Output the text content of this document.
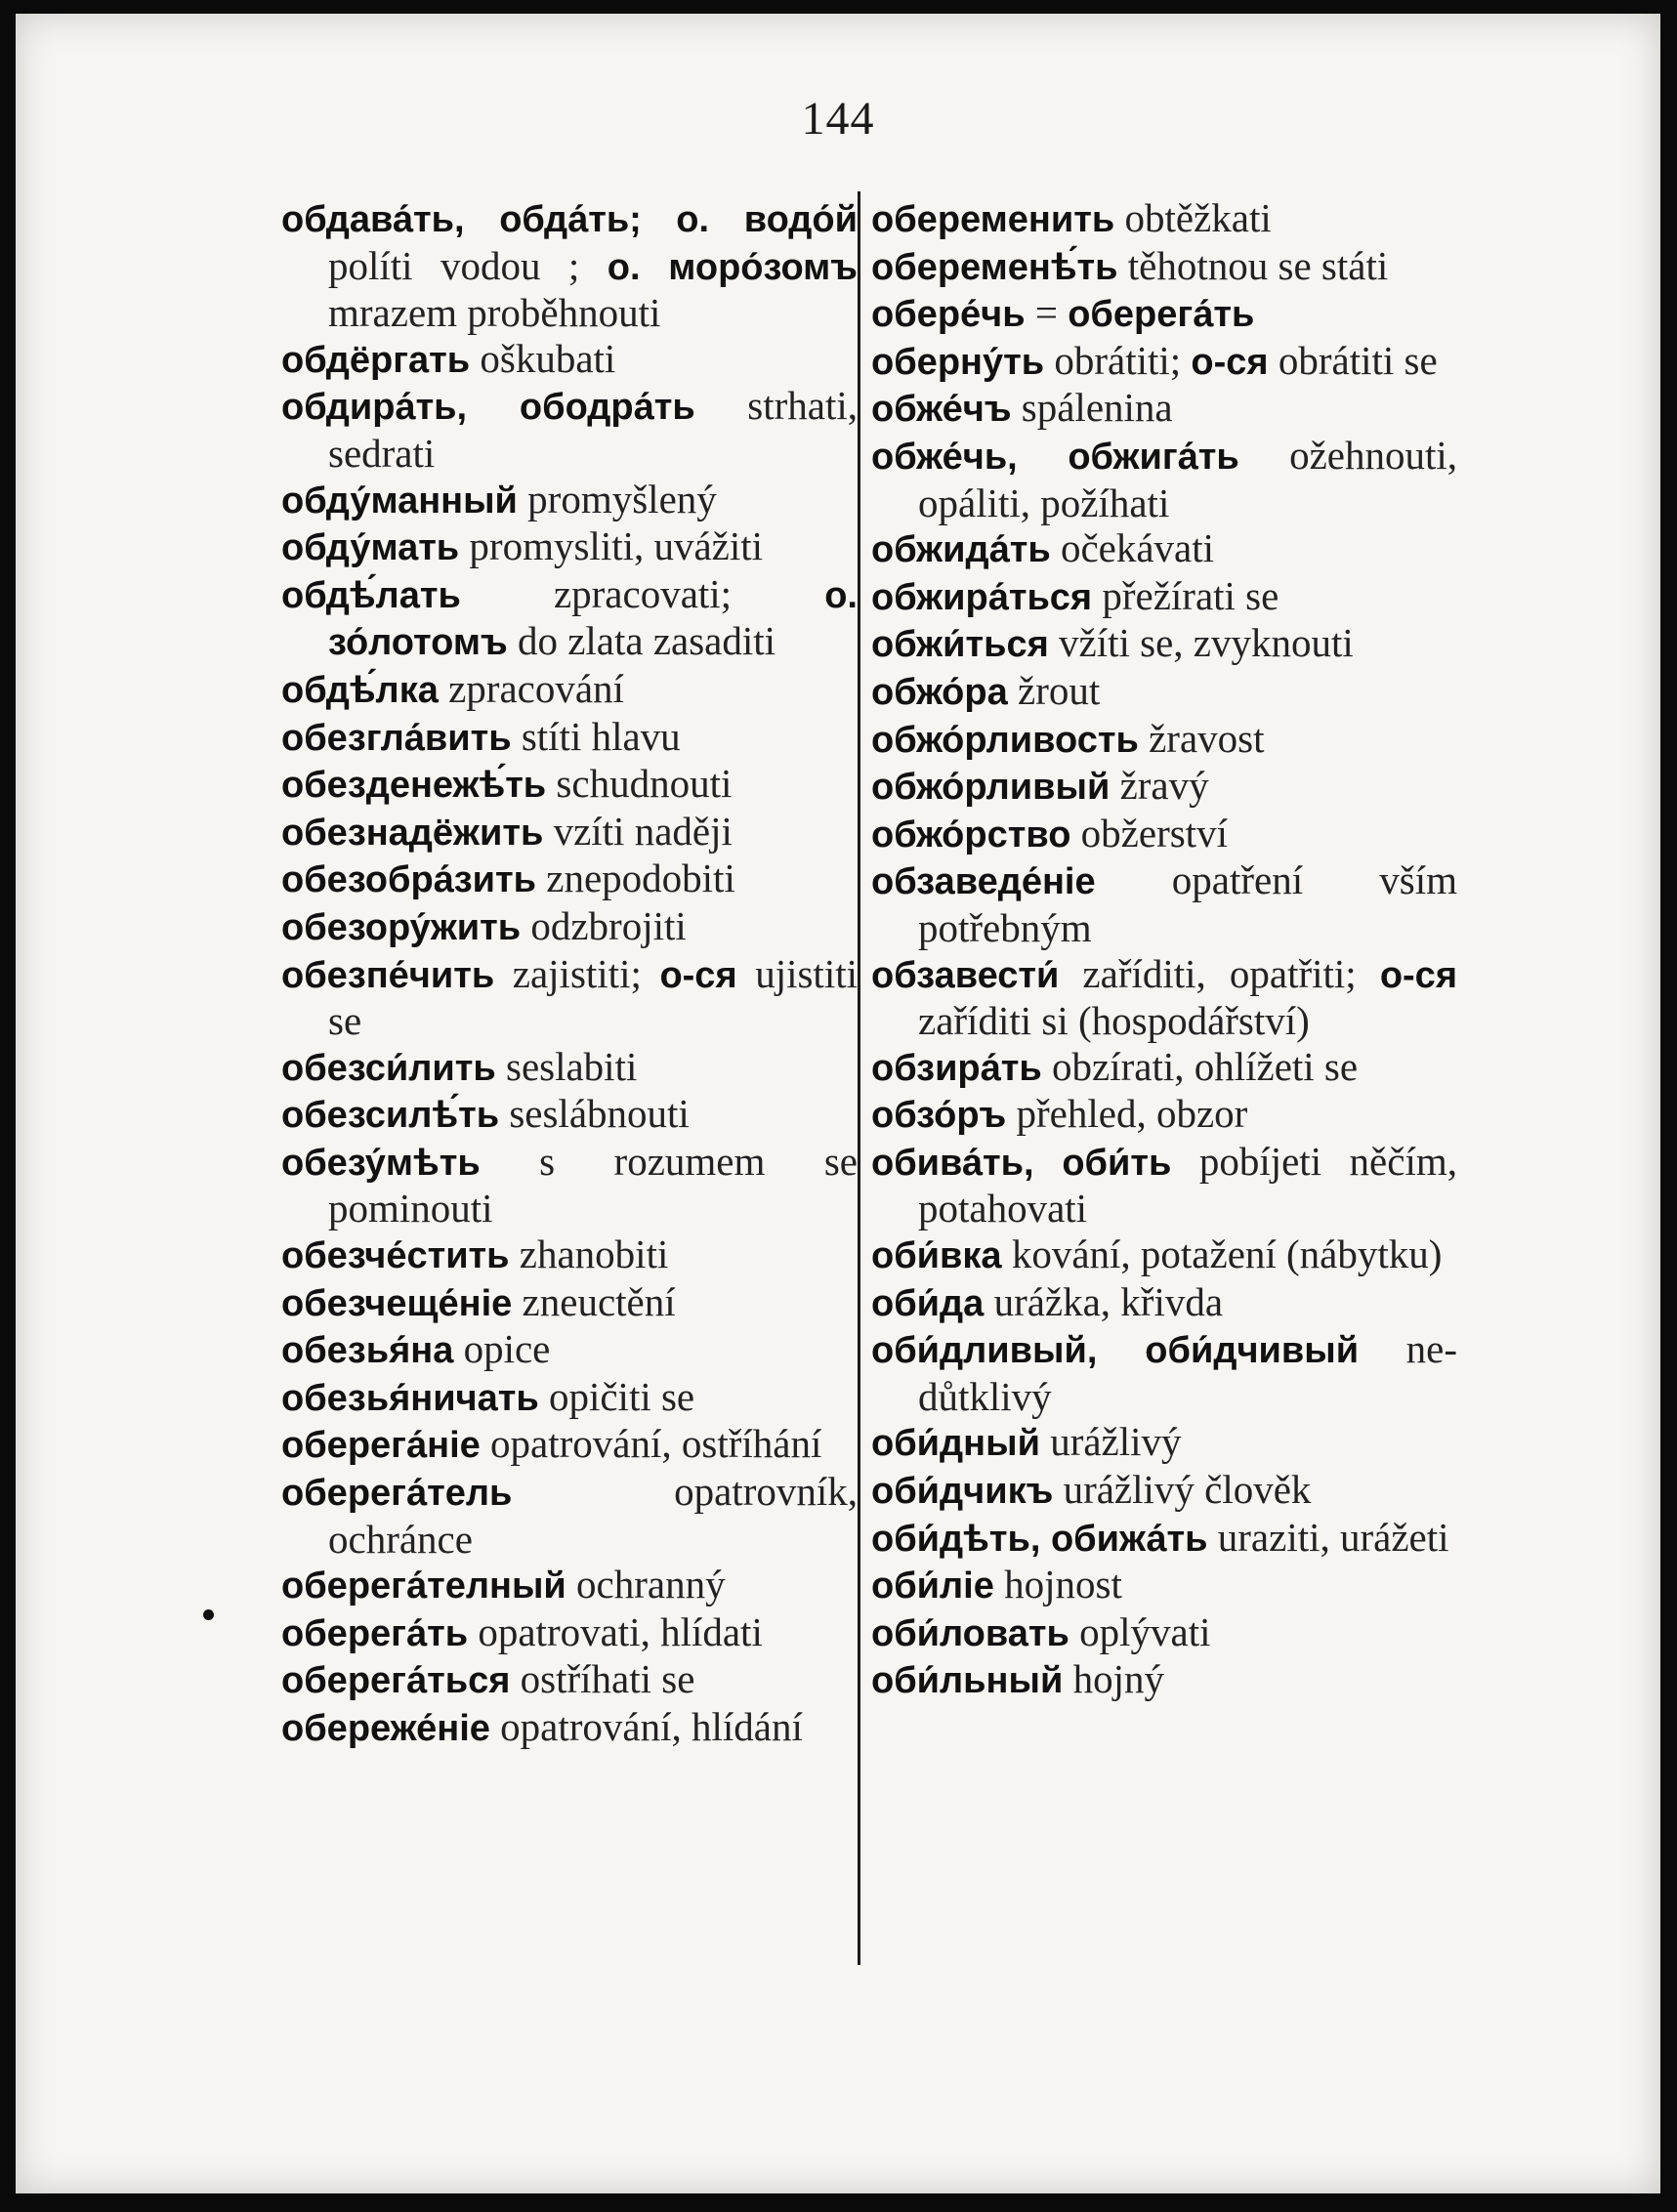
144
обдава́ть, обда́ть; о. водо́й políti vodou ; о. моро́зомъ mrazem proběhnouti
обдёргать oškubati
обдира́ть, ободра́ть strhati, sedrati
обду́манный promyšlený
обду́мать promysliti, uvážiti
обдѣ́лать zpracovati; о. зо́лотомъ do zlata zasaditi
обдѣ́лка zpracování
обезгла́вить stíti hlavu
обезденежѣ́ть schudnouti
обезнадёжить vzíti naději
обезобра́зить znepodobiti
обезору́жить odzbrojiti
обезпе́чить zajistiti; о-ся ujistiti se
обезси́лить seslabiti
обезсилѣ́ть seslábnouti
обезу́мѣть s rozumem se pominouti
обезче́стить zhanobiti
обезчеще́ніе zneuctění
обезья́на opice
обезья́ничать opičiti se
оберега́ніе opatrování, ostříhání
оберега́тель opatrovník, ochránce
оберега́телный ochranný
оберега́ть opatrovati, hlídati
оберега́ться ostříhati se
обереже́ніе opatrování, hlídání
обеременить obtěžkati
обеременѣ́ть těhotnou se státi
обере́чь = оберега́ть
оберну́ть obrátiti; о-ся obrátiti se
обже́чъ spálenina
обже́чь, обжига́ть ožehnouti, opáliti, požíhati
обжида́ть očekávati
обжира́ться přežírati se
обжи́ться vžíti se, zvyknouti
обжо́ра žrout
обжо́рливость žravost
обжо́рливый žravý
обжо́рство obžerství
обзаведе́ніе opatření vším potřebným
обзавести́ zaříditi, opatřiti; о-ся zaříditi si (hospodářství)
обзира́ть obzírati, ohlížeti se
обзо́ръ přehled, obzor
обива́ть, оби́ть pobíjeti něčím, potahovati
оби́вка kování, potažení (nábytku)
оби́да urážka, křivda
оби́дливый, оби́дчивый nedůtklivý
оби́дный urážlivý
оби́дчикъ urážlivý člověk
оби́дѣть, обижа́ть uraziti, urážeti
оби́ліе hojnost
оби́ловать oplývati
оби́льный hojný
